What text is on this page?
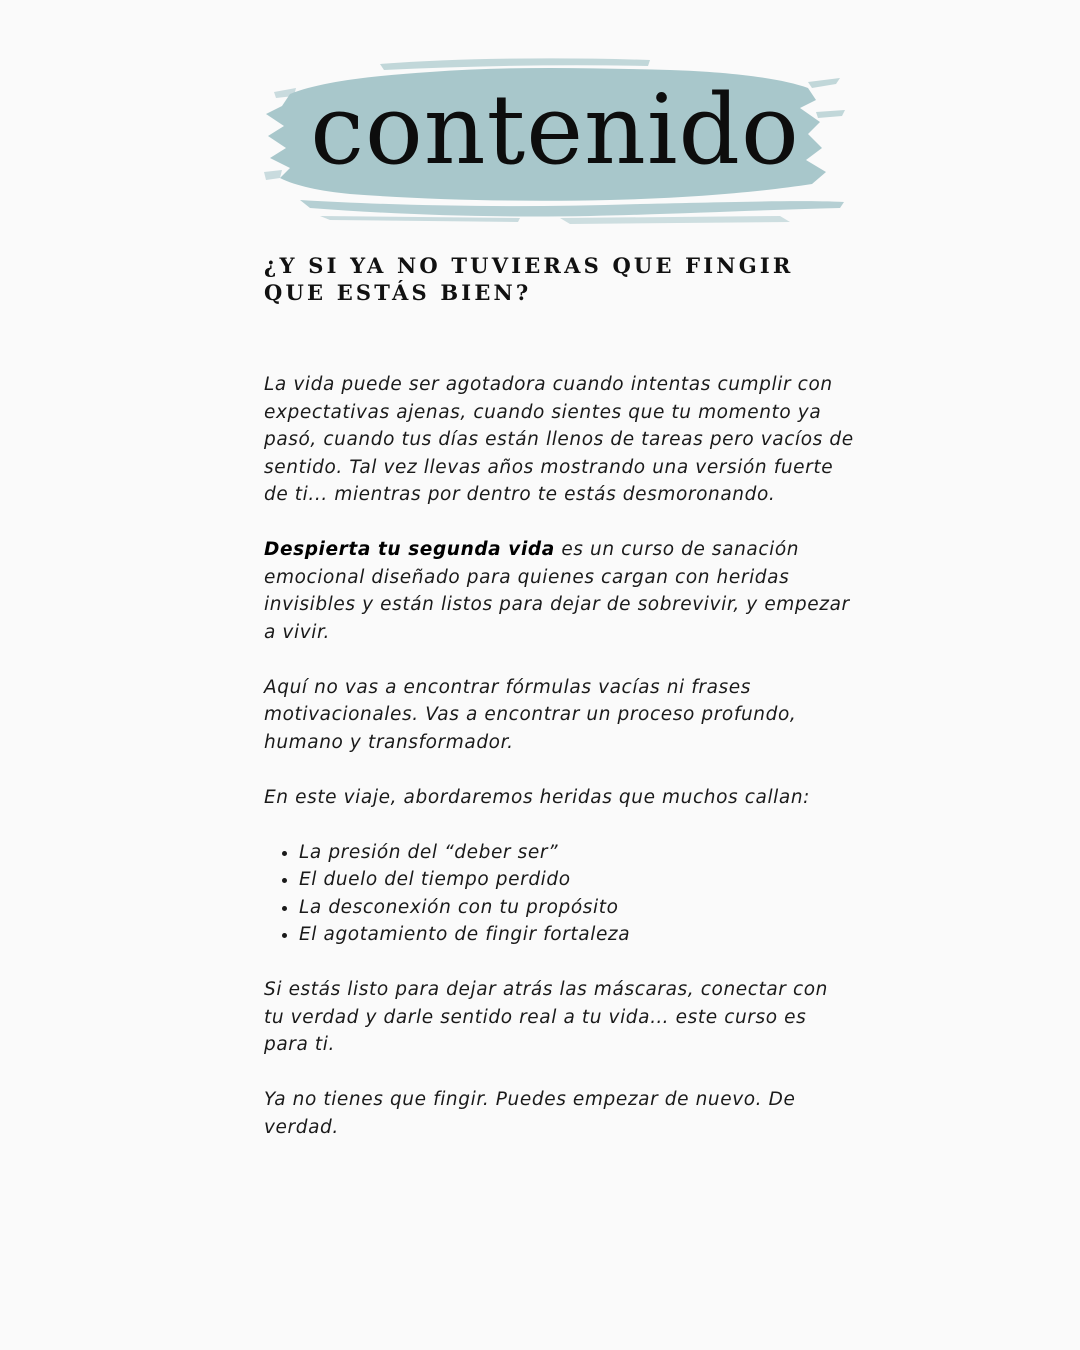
contenido
¿Y SI YA NO TUVIERAS QUE FINGIR QUE ESTÁS BIEN?

La vida puede ser agotadora cuando intentas cumplir con expectativas ajenas, cuando sientes que tu momento ya pasó, cuando tus días están llenos de tareas pero vacíos de sentido. Tal vez llevas años mostrando una versión fuerte de ti... mientras por dentro te estás desmoronando.

Despierta tu segunda vida es un curso de sanación emocional diseñado para quienes cargan con heridas invisibles y están listos para dejar de sobrevivir, y empezar a vivir.

Aquí no vas a encontrar fórmulas vacías ni frases motivacionales. Vas a encontrar un proceso profundo, humano y transformador.

En este viaje, abordaremos heridas que muchos callan:

• La presión del “deber ser”
• El duelo del tiempo perdido
• La desconexión con tu propósito
• El agotamiento de fingir fortaleza

Si estás listo para dejar atrás las máscaras, conectar con tu verdad y darle sentido real a tu vida… este curso es para ti.

Ya no tienes que fingir. Puedes empezar de nuevo. De verdad.
